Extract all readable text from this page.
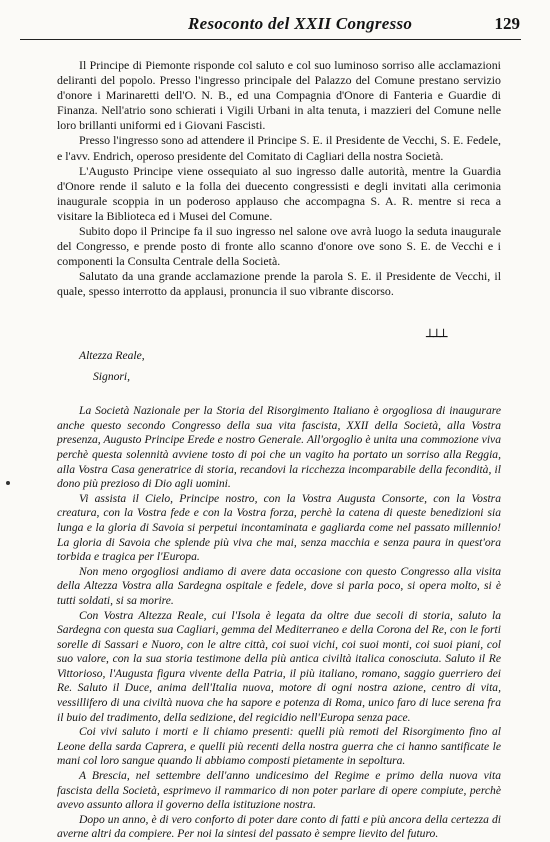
Resoconto del XXII Congresso	129

Il Principe di Piemonte risponde col saluto e col suo luminoso sorriso alle acclamazioni deliranti del popolo. Presso l'ingresso principale del Palazzo del Comune prestano servizio d'onore i Marinaretti dell'O. N. B., ed una Compagnia d'Onore di Fanteria e Guardie di Finanza. Nell'atrio sono schierati i Vigili Urbani in alta tenuta, i mazzieri del Comune nelle loro brillanti uniformi ed i Giovani Fascisti.

Presso l'ingresso sono ad attendere il Principe S. E. il Presidente de Vecchi, S. E. Fedele, e l'avv. Endrich, operoso presidente del Comitato di Cagliari della nostra Società.

L'Augusto Principe viene ossequiato al suo ingresso dalle autorità, mentre la Guardia d'Onore rende il saluto e la folla dei duecento congressisti e degli invitati alla cerimonia inaugurale scoppia in un poderoso applauso che accompagna S. A. R. mentre si reca a visitare la Biblioteca ed i Musei del Comune.

Subito dopo il Principe fa il suo ingresso nel salone ove avrà luogo la seduta inaugurale del Congresso, e prende posto di fronte allo scanno d'onore ove sono S. E. de Vecchi e i componenti la Consulta Centrale della Società.

Salutato da una grande acclamazione prende la parola S. E. il Presidente de Vecchi, il quale, spesso interrotto da applausi, pronuncia il suo vibrante discorso.

┴┴┴
Altezza Reale,
Signori,

La Società Nazionale per la Storia del Risorgimento Italiano è orgogliosa di inaugurare anche questo secondo Congresso della sua vita fascista, XXII della Società, alla Vostra presenza, Augusto Principe Erede e nostro Generale. All'orgoglio è unita una commozione viva perchè questa solennità avviene tosto di poi che un vagito ha portato un sorriso alla Reggia, alla Vostra Casa generatrice di storia, recandovi la ricchezza incomparabile della fecondità, il dono più prezioso di Dio agli uomini.

Vi assista il Cielo, Principe nostro, con la Vostra Augusta Consorte, con la Vostra creatura, con la Vostra fede e con la Vostra forza, perchè la catena di queste benedizioni sia lunga e la gloria di Savoia si perpetui incontaminata e gagliarda come nel passato millennio! La gloria di Savoia che splende più viva che mai, senza macchia e senza paura in quest'ora torbida e tragica per l'Europa.

Non meno orgogliosi andiamo di avere data occasione con questo Congresso alla visita della Altezza Vostra alla Sardegna ospitale e fedele, dove si parla poco, si opera molto, si è tutti soldati, si sa morire.

Con Vostra Altezza Reale, cui l'Isola è legata da oltre due secoli di storia, saluto la Sardegna con questa sua Cagliari, gemma del Mediterraneo e della Corona del Re, con le forti sorelle di Sassari e Nuoro, con le altre città, coi suoi vichi, coi suoi monti, coi suoi piani, col suo valore, con la sua storia testimone della più antica civiltà italica conosciuta. Saluto il Re Vittorioso, l'Augusta figura vivente della Patria, il più italiano, romano, saggio guerriero dei Re. Saluto il Duce, anima dell'Italia nuova, motore di ogni nostra azione, centro di vita, vessillifero di una civiltà nuova che ha sapore e potenza di Roma, unico faro di luce serena fra il buio del tradimento, della sedizione, del regicidio nell'Europa senza pace.

Coi vivi saluto i morti e li chiamo presenti: quelli più remoti del Risorgimento fino al Leone della sarda Caprera, e quelli più recenti della nostra guerra che ci hanno santificate le mani col loro sangue quando li abbiamo composti pietamente in sepoltura.

A Brescia, nel settembre dell'anno undicesimo del Regime e primo della nuova vita fascista della Società, esprimevo il rammarico di non poter parlare di opere compiute, perchè avevo assunto allora il governo della istituzione nostra.

Dopo un anno, è di vero conforto di poter dare conto di fatti e più ancora della certezza di averne altri da compiere. Per noi la sintesi del passato è sempre lievito del futuro.
